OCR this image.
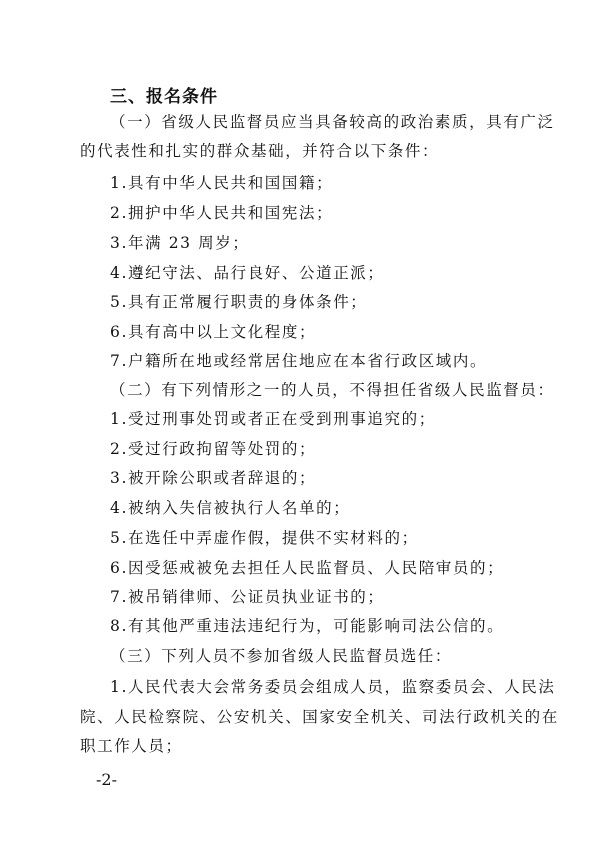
三、报名条件
（一）省级人民监督员应当具备较高的政治素质，具有广泛
的代表性和扎实的群众基础，并符合以下条件：
1.具有中华人民共和国国籍；
2.拥护中华人民共和国宪法；
3.年满 23 周岁；
4.遵纪守法、品行良好、公道正派；
5.具有正常履行职责的身体条件；
6.具有高中以上文化程度；
7.户籍所在地或经常居住地应在本省行政区域内。
（二）有下列情形之一的人员，不得担任省级人民监督员：
1.受过刑事处罚或者正在受到刑事追究的；
2.受过行政拘留等处罚的；
3.被开除公职或者辞退的；
4.被纳入失信被执行人名单的；
5.在选任中弄虚作假，提供不实材料的；
6.因受惩戒被免去担任人民监督员、人民陪审员的；
7.被吊销律师、公证员执业证书的；
8.有其他严重违法违纪行为，可能影响司法公信的。
（三）下列人员不参加省级人民监督员选任：
1.人民代表大会常务委员会组成人员，监察委员会、人民法
院、人民检察院、公安机关、国家安全机关、司法行政机关的在
职工作人员；
-2-
